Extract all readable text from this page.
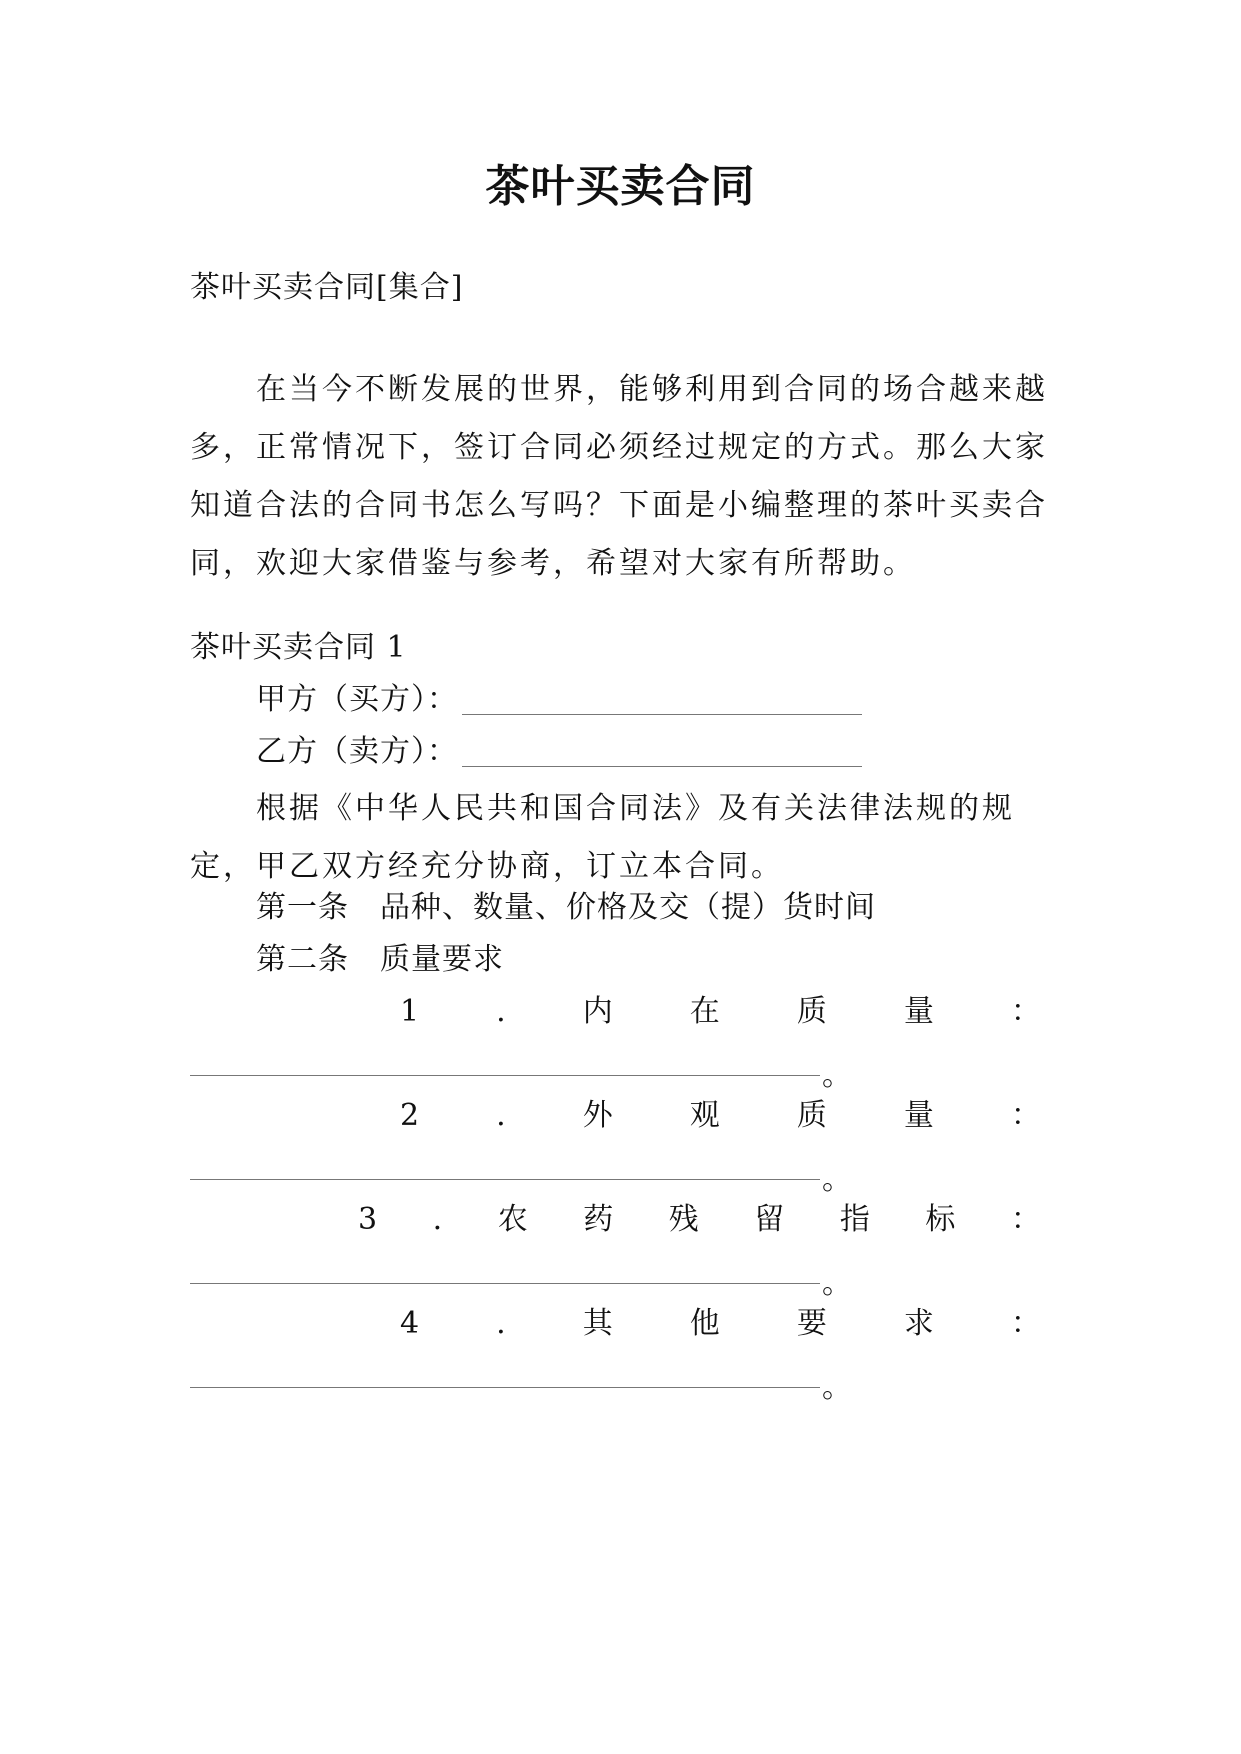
茶叶买卖合同
茶叶买卖合同[集合]
在当今不断发展的世界，能够利用到合同的场合越来越多，正常情况下，签订合同必须经过规定的方式。那么大家知道合法的合同书怎么写吗？下面是小编整理的茶叶买卖合同，欢迎大家借鉴与参考，希望对大家有所帮助。
茶叶买卖合同 1
甲方（买方）：
乙方（卖方）：
根据《中华人民共和国合同法》及有关法律法规的规定，甲乙双方经充分协商，订立本合同。
第一条　品种、数量、价格及交（提）货时间
第二条　质量要求
1	.	内	在	质	量	：
。
2	.	外	观	质	量	：
。
3 . 农 药 残 留 指 标 ：
。
4	.	其	他	要	求	：
。
